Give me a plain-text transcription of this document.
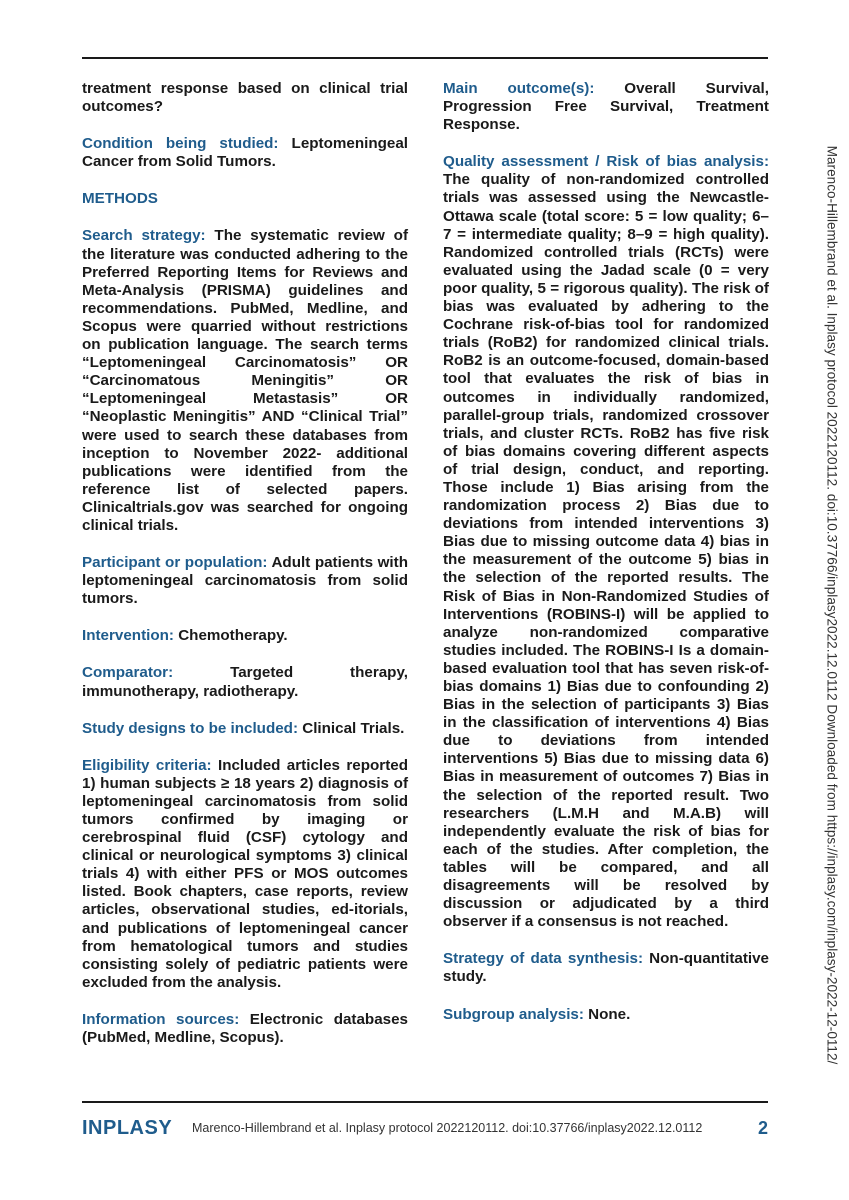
treatment response based on clinical trial outcomes?

Condition being studied: Leptomeningeal Cancer from Solid Tumors.

METHODS

Search strategy: The systematic review of the literature was conducted adhering to the Preferred Reporting Items for Reviews and Meta-Analysis (PRISMA) guidelines and recommendations. PubMed, Medline, and Scopus were quarried without restrictions on publication language. The search terms “Leptomeningeal Carcinomatosis” OR “Carcinomatous Meningitis” OR “Leptomeningeal Metastasis” OR “Neoplastic Meningitis” AND “Clinical Trial” were used to search these databases from inception to November 2022- additional publications were identified from the reference list of selected papers. Clinicaltrials.gov was searched for ongoing clinical trials.

Participant or population: Adult patients with leptomeningeal carcinomatosis from solid tumors.

Intervention: Chemotherapy.

Comparator: Targeted therapy, immunotherapy, radiotherapy.

Study designs to be included: Clinical Trials.

Eligibility criteria: Included articles reported 1) human subjects ≥ 18 years 2) diagnosis of leptomeningeal carcinomatosis from solid tumors confirmed by imaging or cerebrospinal fluid (CSF) cytology and clinical or neurological symptoms 3) clinical trials 4) with either PFS or MOS outcomes listed. Book chapters, case reports, review articles, observational studies, ed-itorials, and publications of leptomeningeal cancer from hematological tumors and studies consisting solely of pediatric patients were excluded from the analysis.

Information sources: Electronic databases (PubMed, Medline, Scopus).

Main outcome(s): Overall Survival, Progression Free Survival, Treatment Response.

Quality assessment / Risk of bias analysis: The quality of non-randomized controlled trials was assessed using the Newcastle-Ottawa scale (total score: 5 = low quality; 6–7 = intermediate quality; 8–9 = high quality). Randomized controlled trials (RCTs) were evaluated using the Jadad scale (0 = very poor quality, 5 = rigorous quality). The risk of bias was evaluated by adhering to the Cochrane risk-of-bias tool for randomized trials (RoB2) for randomized clinical trials. RoB2 is an outcome-focused, domain-based tool that evaluates the risk of bias in outcomes in individually randomized, parallel-group trials, randomized crossover trials, and cluster RCTs. RoB2 has five risk of bias domains covering different aspects of trial design, conduct, and reporting. Those include 1) Bias arising from the randomization process 2) Bias due to deviations from intended interventions 3) Bias due to missing outcome data 4) bias in the measurement of the outcome 5) bias in the selection of the reported results. The Risk of Bias in Non-Randomized Studies of Interventions (ROBINS-I) will be applied to analyze non-randomized comparative studies included. The ROBINS-I Is a domain-based evaluation tool that has seven risk-of-bias domains 1) Bias due to confounding 2) Bias in the selection of participants 3) Bias in the classification of interventions 4) Bias due to deviations from intended interventions 5) Bias due to missing data 6) Bias in measurement of outcomes 7) Bias in the selection of the reported result. Two researchers (L.M.H and M.A.B) will independently evaluate the risk of bias for each of the studies. After completion, the tables will be compared, and all disagreements will be resolved by discussion or adjudicated by a third observer if a consensus is not reached.

Strategy of data synthesis: Non-quantitative study.

Subgroup analysis: None.	Marenco-Hillembrand et al. Inplasy protocol 2022120112. doi:10.37766/inplasy2022.12.0112 Downloaded from https://inplasy.com/inplasy-2022-12-0112/
INPLASY Marenco-Hillembrand et al. Inplasy protocol 2022120112. doi:10.37766/inplasy2022.12.0112	2
